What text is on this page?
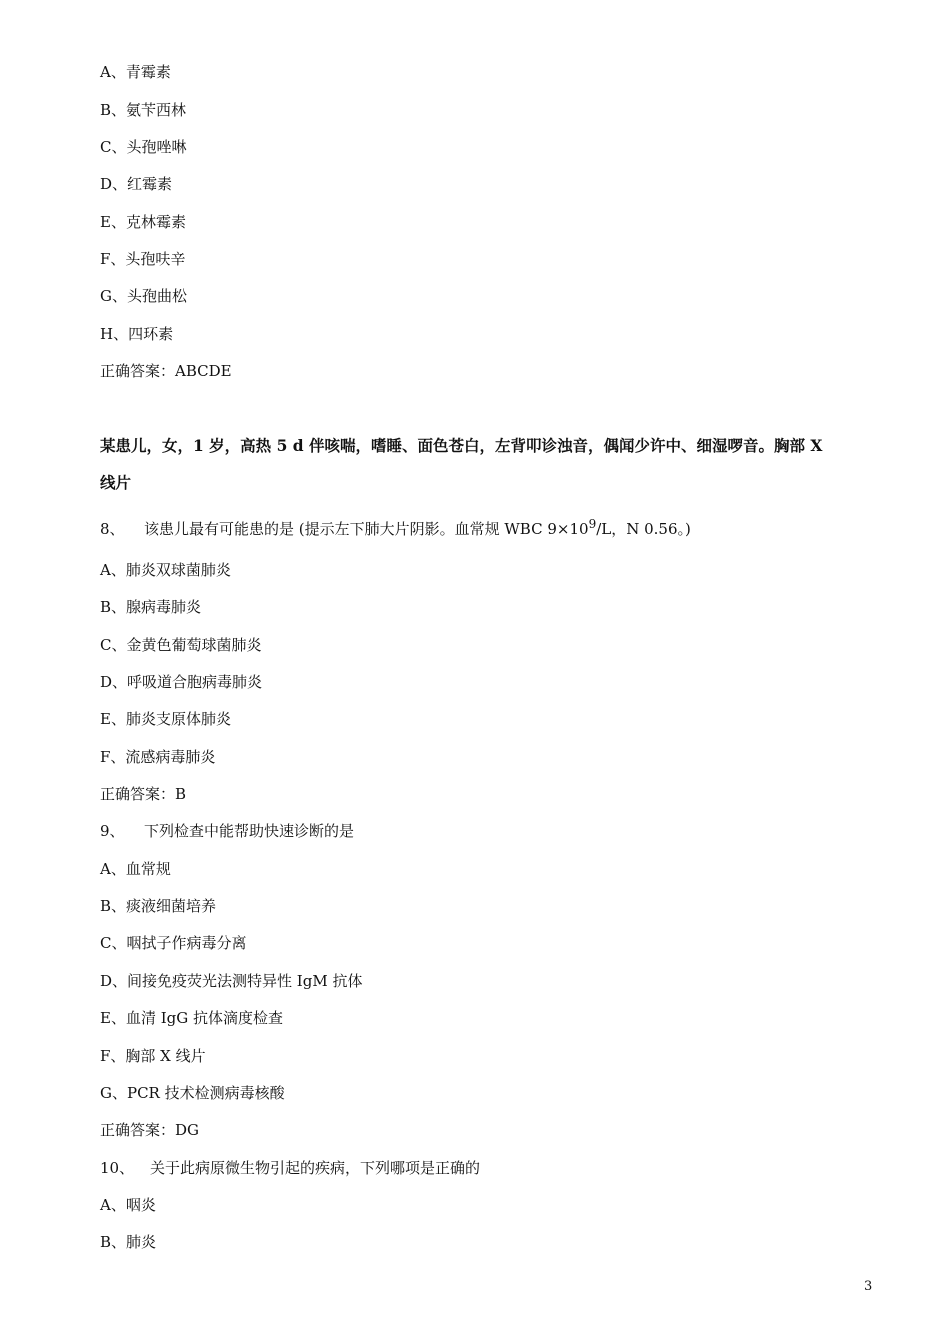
A、青霉素
B、氨苄西林
C、头孢唑啉
D、红霉素
E、克林霉素
F、头孢呋辛
G、头孢曲松
H、四环素
正确答案：ABCDE
某患儿，女，1 岁，高热 5 d 伴咳喘，嗜睡、面色苍白，左背叩诊浊音，偶闻少许中、细湿啰音。胸部 X
线片
8、 该患儿最有可能患的是 (提示左下肺大片阴影。血常规 WBC $9\times 10^9/L$，N 0.56。)
A、肺炎双球菌肺炎
B、腺病毒肺炎
C、金黄色葡萄球菌肺炎
D、呼吸道合胞病毒肺炎
E、肺炎支原体肺炎
F、流感病毒肺炎
正确答案：B
9、 下列检查中能帮助快速诊断的是
A、血常规
B、痰液细菌培养
C、咽拭子作病毒分离
D、间接免疫荧光法测特异性 IgM 抗体
E、血清 IgG 抗体滴度检查
F、胸部 X 线片
G、PCR 技术检测病毒核酸
正确答案：DG
10、 关于此病原微生物引起的疾病，下列哪项是正确的
A、咽炎
B、肺炎
3
